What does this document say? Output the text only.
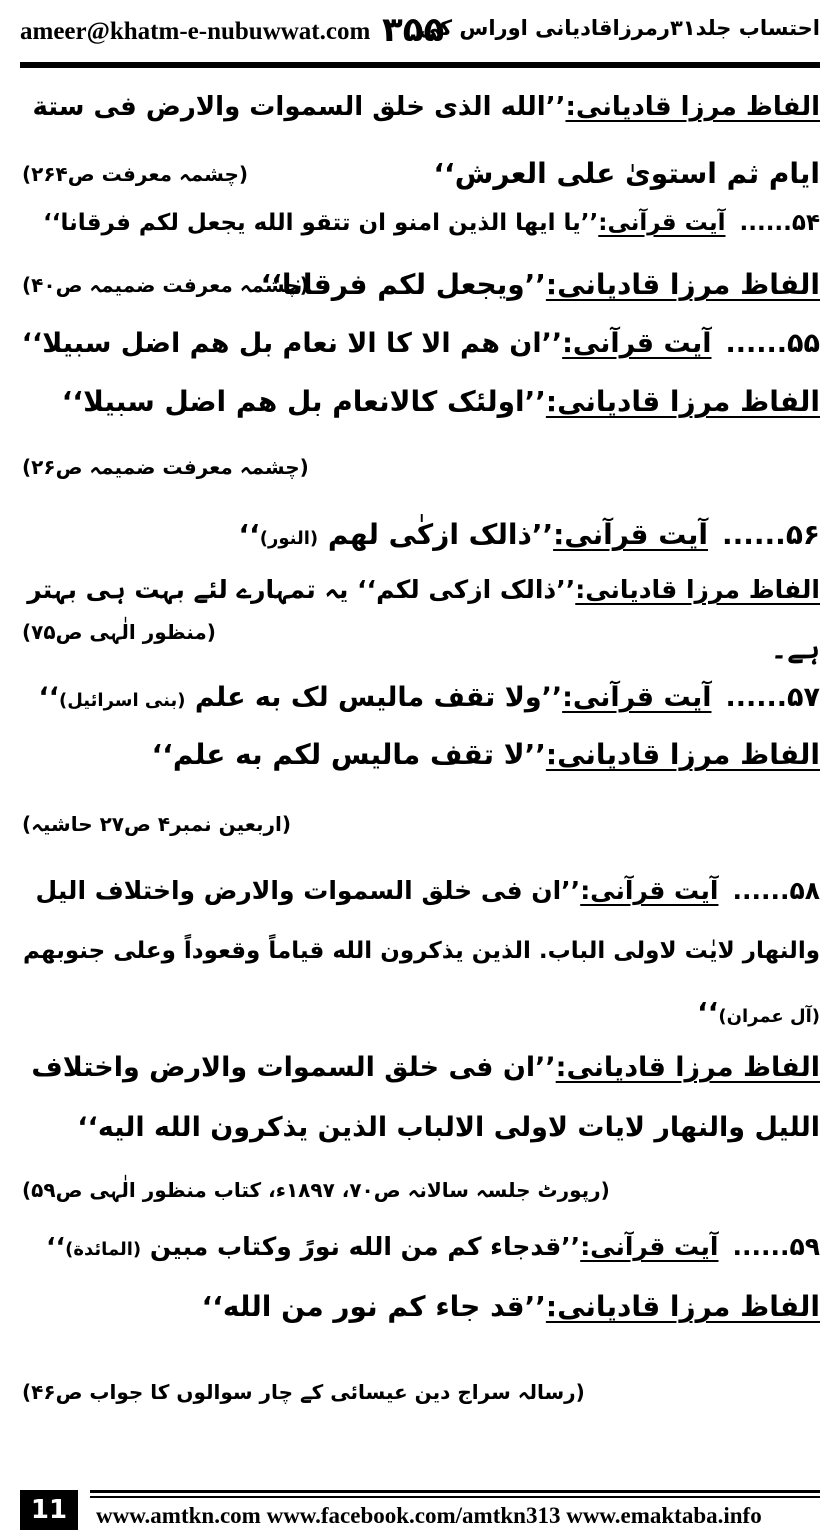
ameer@khatm-e-nubuwwat.com ۳۵۵
احتساب جلد۳۱رمرزاقادیانی اوراس کی
الفاظ مرزا قادیانی:’’الله الذی خلق السموات والارض فی ستة
ایام ثم استویٰ علی العرش‘‘
(چشمہ معرفت ص۲۶۴)
۵۴......آیت قرآنی:’’یا ایها الذین امنو ان تتقو الله یجعل لکم فرقانا‘‘
الفاظ مرزا قادیانی:’’ویجعل لکم فرقانا‘‘
(چشمہ معرفت ضمیمہ ص۴۰)
۵۵......آیت قرآنی:’’ان هم الا کا الا نعام بل هم اضل سبیلا‘‘
الفاظ مرزا قادیانی:’’اولئک کالانعام بل هم اضل سبیلا‘‘
(چشمہ معرفت ضمیمہ ص۲۶)
۵۶......آیت قرآنی:’’ذالک ازکٰی لهم (النور)‘‘
الفاظ مرزا قادیانی:’’ذالک ازکی لکم‘‘ یہ تمہارے لئے بہت ہی بہتر
ہے۔
(منظور الٰہی ص۷۵)
۵۷......آیت قرآنی:’’ولا تقف مالیس لک به علم (بنی اسرائیل)‘‘
الفاظ مرزا قادیانی:’’لا تقف مالیس لکم به علم‘‘
(اربعین نمبر۴ ص۲۷ حاشیہ)
۵۸......آیت قرآنی:’’ان فی خلق السموات والارض واختلاف الیل
والنهار لایٰت لاولی الباب. الذین یذکرون الله قیاماً وقعوداً وعلی جنوبهم
(آل عمران)‘‘
الفاظ مرزا قادیانی:’’ان فی خلق السموات والارض واختلاف
اللیل والنهار لایات لاولی الالباب الذین یذکرون الله الیه‘‘
(رپورٹ جلسہ سالانہ ص۷۰، ۱۸۹۷ء، کتاب منظور الٰہی ص۵۹)
۵۹......آیت قرآنی:’’قدجاء کم من الله نورً وکتاب مبین (المائدة)‘‘
الفاظ مرزا قادیانی:’’قد جاء کم نور من الله‘‘
(رسالہ سراج دین عیسائی کے چار سوالوں کا جواب ص۴۶)
11	www.amtkn.com www.facebook.com/amtkn313 www.emaktaba.info
